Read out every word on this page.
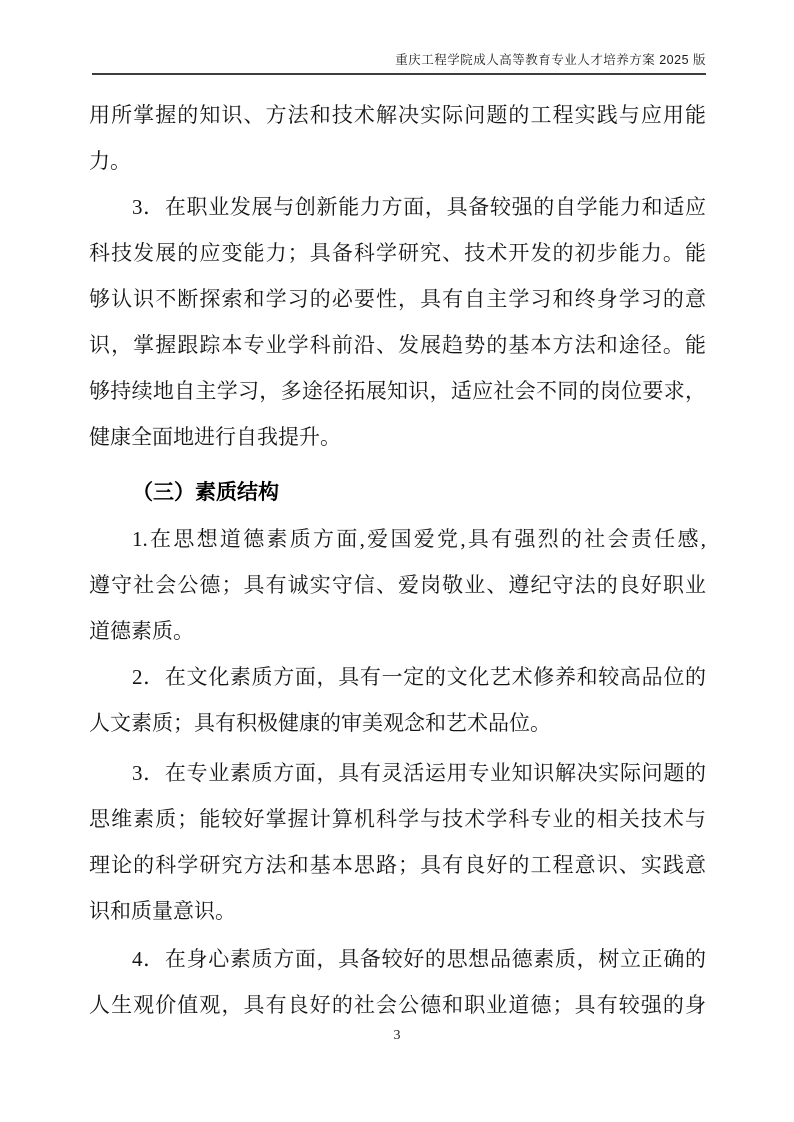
重庆工程学院成人高等教育专业人才培养方案 2025 版
用所掌握的知识、方法和技术解决实际问题的工程实践与应用能
力。
3．在职业发展与创新能力方面，具备较强的自学能力和适应
科技发展的应变能力；具备科学研究、技术开发的初步能力。能
够认识不断探索和学习的必要性，具有自主学习和终身学习的意
识，掌握跟踪本专业学科前沿、发展趋势的基本方法和途径。能
够持续地自主学习，多途径拓展知识，适应社会不同的岗位要求，
健康全面地进行自我提升。
（三）素质结构
1.在思想道德素质方面,爱国爱党,具有强烈的社会责任感,
遵守社会公德；具有诚实守信、爱岗敬业、遵纪守法的良好职业
道德素质。
2．在文化素质方面，具有一定的文化艺术修养和较高品位的
人文素质；具有积极健康的审美观念和艺术品位。
3．在专业素质方面，具有灵活运用专业知识解决实际问题的
思维素质；能较好掌握计算机科学与技术学科专业的相关技术与
理论的科学研究方法和基本思路；具有良好的工程意识、实践意
识和质量意识。
4．在身心素质方面，具备较好的思想品德素质，树立正确的
人生观价值观，具有良好的社会公德和职业道德；具有较强的身
3
